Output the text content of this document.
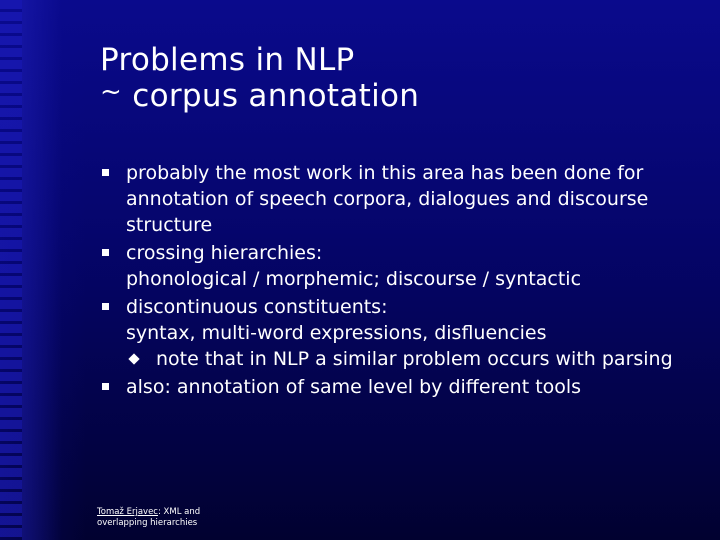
Problems in NLP
~ corpus annotation
probably the most work in this area has been done for annotation of speech corpora, dialogues and discourse structure
crossing hierarchies:
phonological / morphemic; discourse / syntactic
discontinuous constituents:
syntax, multi-word expressions, disfluencies
note that in NLP a similar problem occurs with parsing
also: annotation of same level by different tools
Tomaž Erjavec: XML and
overlapping hierarchies
